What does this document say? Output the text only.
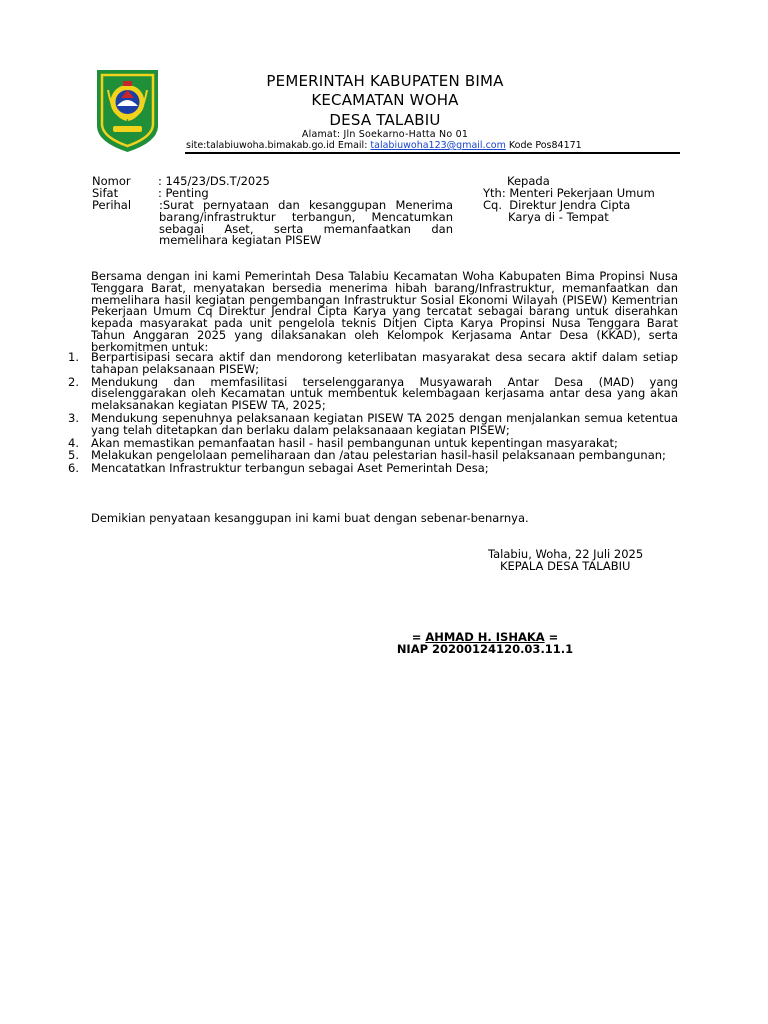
PEMERINTAH KABUPATEN BIMA
KECAMATAN WOHA
DESA TALABIU
Alamat: Jln Soekarno-Hatta No 01
site:talabiuwoha.bimakab.go.id Email: talabiuwoha123@gmail.com Kode Pos84171
Nomor : 145/23/DS.T/2025
Sifat	: Penting
Perihal :Surat pernyataan dan kesanggupan Menerima barang/infrastruktur terbangun, Mencatumkan sebagai Aset, serta memanfaatkan dan memelihara kegiatan PISEW
Kepada
Yth: Menteri Pekerjaan Umum
Cq.  Direktur Jendra Cipta
Karya di - Tempat
Bersama dengan ini kami Pemerintah Desa Talabiu Kecamatan Woha Kabupaten Bima Propinsi Nusa Tenggara Barat, menyatakan bersedia menerima hibah barang/Infrastruktur, memanfaatkan dan memelihara hasil kegiatan pengembangan Infrastruktur Sosial Ekonomi Wilayah (PISEW) Kementrian Pekerjaan Umum Cq Direktur Jendral Cipta Karya yang tercatat sebagai barang untuk diserahkan kepada masyarakat pada unit pengelola teknis Ditjen Cipta Karya Propinsi Nusa Tenggara Barat Tahun Anggaran 2025 yang dilaksanakan oleh Kelompok Kerjasama Antar Desa (KKAD), serta berkomitmen untuk:
1. Berpartisipasi secara aktif dan mendorong keterlibatan masyarakat desa secara aktif dalam setiap tahapan pelaksanaan PISEW;
2. Mendukung dan memfasilitasi terselenggaranya Musyawarah Antar Desa (MAD) yang diselenggarakan oleh Kecamatan untuk membentuk kelembagaan kerjasama antar desa yang akan melaksanakan kegiatan PISEW TA, 2025;
3. Mendukung sepenuhnya pelaksanaan kegiatan PISEW TA 2025 dengan menjalankan semua ketentua yang telah ditetapkan dan berlaku dalam pelaksanaaan kegiatan PISEW;
4. Akan memastikan pemanfaatan hasil - hasil pembangunan untuk kepentingan masyarakat;
5. Melakukan pengelolaan pemeliharaan dan /atau pelestarian hasil-hasil pelaksanaan pembangunan;
6. Mencatatkan Infrastruktur terbangun sebagai Aset Pemerintah Desa;
Demikian penyataan kesanggupan ini kami buat dengan sebenar-benarnya.
Talabiu, Woha, 22 Juli 2025
KEPALA DESA TALABIU
= AHMAD H. ISHAKA =
NIAP 20200124120.03.11.1
